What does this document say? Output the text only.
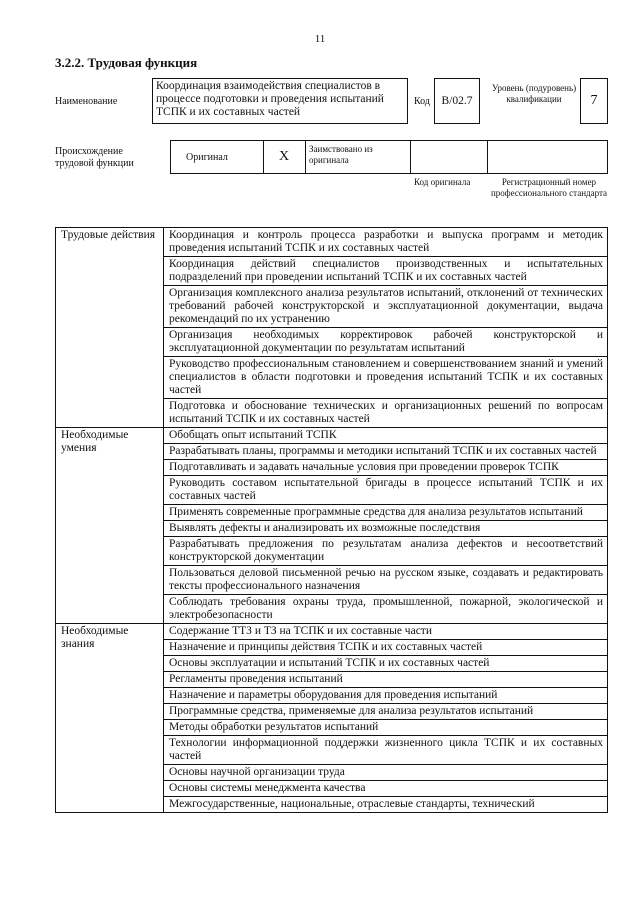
11
3.2.2. Трудовая функция
Наименование
Координация взаимодействия специалистов в процессе подготовки и проведения испытаний ТСПК и их составных частей
Код	B/02.7
Уровень (подуровень) квалификации	7
Происхождение трудовой функции
Оригинал	X	Заимствовано из оригинала
Код оригинала	Регистрационный номер профессионального стандарта
Трудовые действия	Координация и контроль процесса разработки и выпуска программ и методик проведения испытаний ТСПК и их составных частей
	Координация действий специалистов производственных и испытательных подразделений при проведении испытаний ТСПК и их составных частей
	Организация комплексного анализа результатов испытаний, отклонений от технических требований рабочей конструкторской и эксплуатационной документации, выдача рекомендаций по их устранению
	Организация необходимых корректировок рабочей конструкторской и эксплуатационной документации по результатам испытаний
	Руководство профессиональным становлением и совершенствованием знаний и умений специалистов в области подготовки и проведения испытаний ТСПК и их составных частей
	Подготовка и обоснование технических и организационных решений по вопросам испытаний ТСПК и их составных частей
Необходимые умения	Обобщать опыт испытаний ТСПК
	Разрабатывать планы, программы и методики испытаний ТСПК и их составных частей
	Подготавливать и задавать начальные условия при проведении проверок ТСПК
	Руководить составом испытательной бригады в процессе испытаний ТСПК и их составных частей
	Применять современные программные средства для анализа результатов испытаний
	Выявлять дефекты и анализировать их возможные последствия
	Разрабатывать предложения по результатам анализа дефектов и несоответствий конструкторской документации
	Пользоваться деловой письменной речью на русском языке, создавать и редактировать тексты профессионального назначения
	Соблюдать требования охраны труда, промышленной, пожарной, экологической и электробезопасности
Необходимые знания	Содержание ТТЗ и ТЗ на ТСПК и их составные части
	Назначение и принципы действия ТСПК и их составных частей
	Основы эксплуатации и испытаний ТСПК и их составных частей
	Регламенты проведения испытаний
	Назначение и параметры оборудования для проведения испытаний
	Программные средства, применяемые для анализа результатов испытаний
	Методы обработки результатов испытаний
	Технологии информационной поддержки жизненного цикла ТСПК и их составных частей
	Основы научной организации труда
	Основы системы менеджмента качества
	Межгосударственные, национальные, отраслевые стандарты, технический
